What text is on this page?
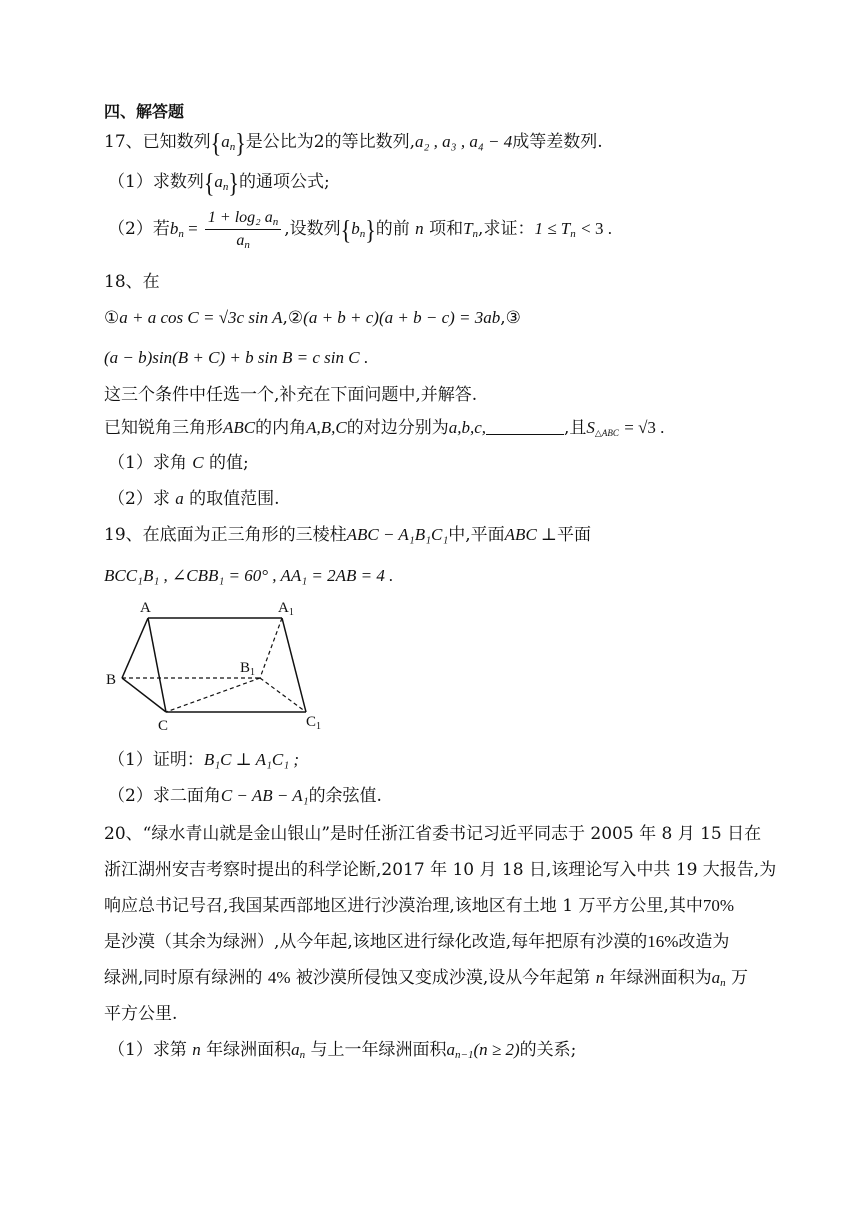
四、解答题
17、已知数列$\{a_n\}$是公比为2的等比数列,a₂ , a₃ , a₄ − 4成等差数列.
（1）求数列$\{a_n\}$的通项公式;
（2）若$b_n = \frac{1 + \log_2 a_n}{a_n}$ ,设数列$\{b_n\}$的前 n 项和$T_n$,求证：$1 \le T_n < 3$ .
18、在
①a + a cos C = √3c sin A,②(a + b + c)(a + b − c) = 3ab,③
(a − b)sin(B + C) + b sin B = c sin C .
这三个条件中任选一个,补充在下面问题中,并解答.
已知锐角三角形ABC的内角A,B,C的对边分别为a,b,c,	,且$S_{\triangle ABC} = √3$ .
（1）求角 C 的值;
（2）求 a 的取值范围.
19、在底面为正三角形的三棱柱ABC − A₁B₁C₁中,平面ABC ⊥平面
BCC₁B₁ , ∠CBB₁ = 60° , AA₁ = 2AB = 4 .
A	$A_1$
B
$B_1$
C	$C_1$
（1）证明：B₁C ⊥ A₁C₁ ;
（2）求二面角C − AB − A₁的余弦值.
20、“绿水青山就是金山银山”是时任浙江省委书记习近平同志于 2005 年 8 月 15 日在
浙江湖州安吉考察时提出的科学论断,2017 年 10 月 18 日,该理论写入中共 19 大报告,为
响应总书记号召,我国某西部地区进行沙漠治理,该地区有土地 1 万平方公里,其中70%
是沙漠（其余为绿洲）,从今年起,该地区进行绿化改造,每年把原有沙漠的16%改造为
绿洲,同时原有绿洲的 4% 被沙漠所侵蚀又变成沙漠,设从今年起第 n 年绿洲面积为$a_n$ 万
平方公里.
（1）求第 n 年绿洲面积$a_n$ 与上一年绿洲面积$a_{n-1}(n \ge 2)$的关系;
